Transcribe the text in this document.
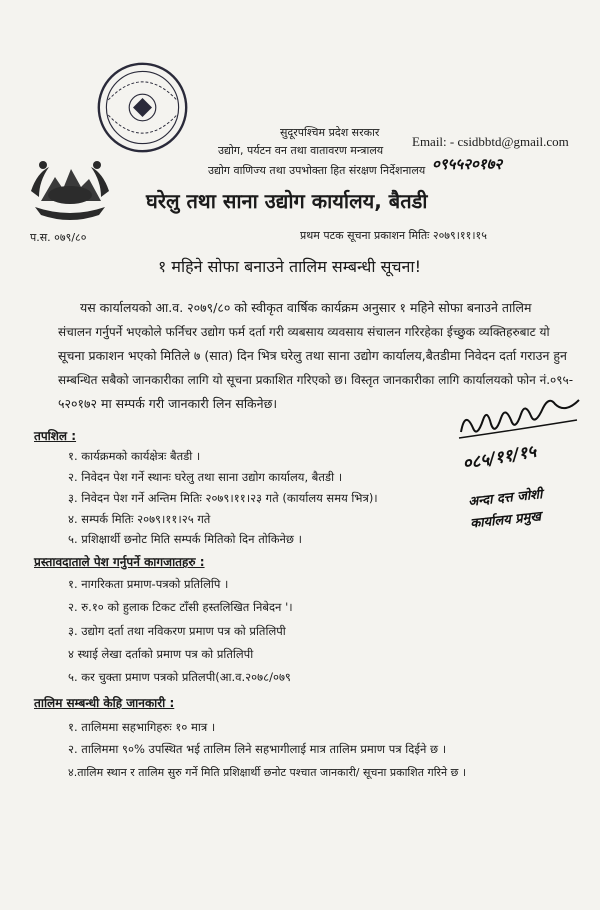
सुदूरपश्चिम प्रदेश सरकार
उद्योग, पर्यटन वन तथा वातावरण मन्त्रालय
उद्योग वाणिज्य तथा उपभोक्ता हित संरक्षण निर्देशनालय
Email: - csidbbtd@gmail.com
०९५५२०१७२
घरेलु तथा साना उद्योग कार्यालय, बैतडी
प.स. ०७९/८०	प्रथम पटक सूचना प्रकाशन मितिः २०७९।११।१५
१ महिने सोफा बनाउने तालिम सम्बन्धी सूचना!
यस कार्यालयको आ.व. २०७९/८० को स्वीकृत वार्षिक कार्यक्रम अनुसार १ महिने सोफा बनाउने तालिम
संचालन गर्नुपर्ने भएकोले फर्निचर उद्योग फर्म दर्ता गरी व्यबसाय व्यवसाय संचालन गरिरहेका ईच्छुक व्यक्तिहरुबाट यो
सूचना प्रकाशन भएको मितिले ७ (सात) दिन भित्र घरेलु तथा साना उद्योग कार्यालय,बैतडीमा निवेदन दर्ता गराउन हुन
सम्बन्धित सबैको जानकारीका लागि यो सूचना प्रकाशित गरिएको छ। विस्तृत जानकारीका लागि कार्यालयको फोन नं.०९५-
५२०१७२ मा सम्पर्क गरी जानकारी लिन सकिनेछ।
०८५/११/१५
अन्दा दत्त जोशी
कार्यालय प्रमुख
तपशिल :
१. कार्यक्रमको कार्यक्षेत्रः बैतडी ।
२. निवेदन पेश गर्ने स्थानः घरेलु तथा साना उद्योग कार्यालय, बैतडी ।
३. निवेदन पेश गर्ने अन्तिम मितिः २०७९।११।२३ गते (कार्यालय समय भित्र)।
४. सम्पर्क मितिः २०७९।११।२५ गते
५. प्रशिक्षार्थी छनोट मिति सम्पर्क मितिको दिन तोकिनेछ ।
प्रस्तावदाताले पेश गर्नुपर्ने कागजातहरु :
१. नागरिकता प्रमाण-पत्रको प्रतिलिपि ।
२. रु.१० को हुलाक टिकट टाँसी हस्तलिखित निबेदन '।
३. उद्योग दर्ता तथा नविकरण प्रमाण पत्र को प्रतिलिपी
४ स्थाई लेखा दर्ताको प्रमाण पत्र को प्रतिलिपी
५. कर चुक्ता प्रमाण पत्रको प्रतिलपी(आ.व.२०७८/०७९
तालिम सम्बन्धी केहि जानकारी :
१. तालिममा सहभागिहरुः १० मात्र ।
२. तालिममा ९०% उपस्थित भई तालिम लिने सहभागीलाई मात्र तालिम प्रमाण पत्र दिईने छ ।
४.तालिम स्थान र तालिम सुरु गर्ने मिति प्रशिक्षार्थी छनोट पश्चात जानकारी/ सूचना प्रकाशित गरिने छ ।
